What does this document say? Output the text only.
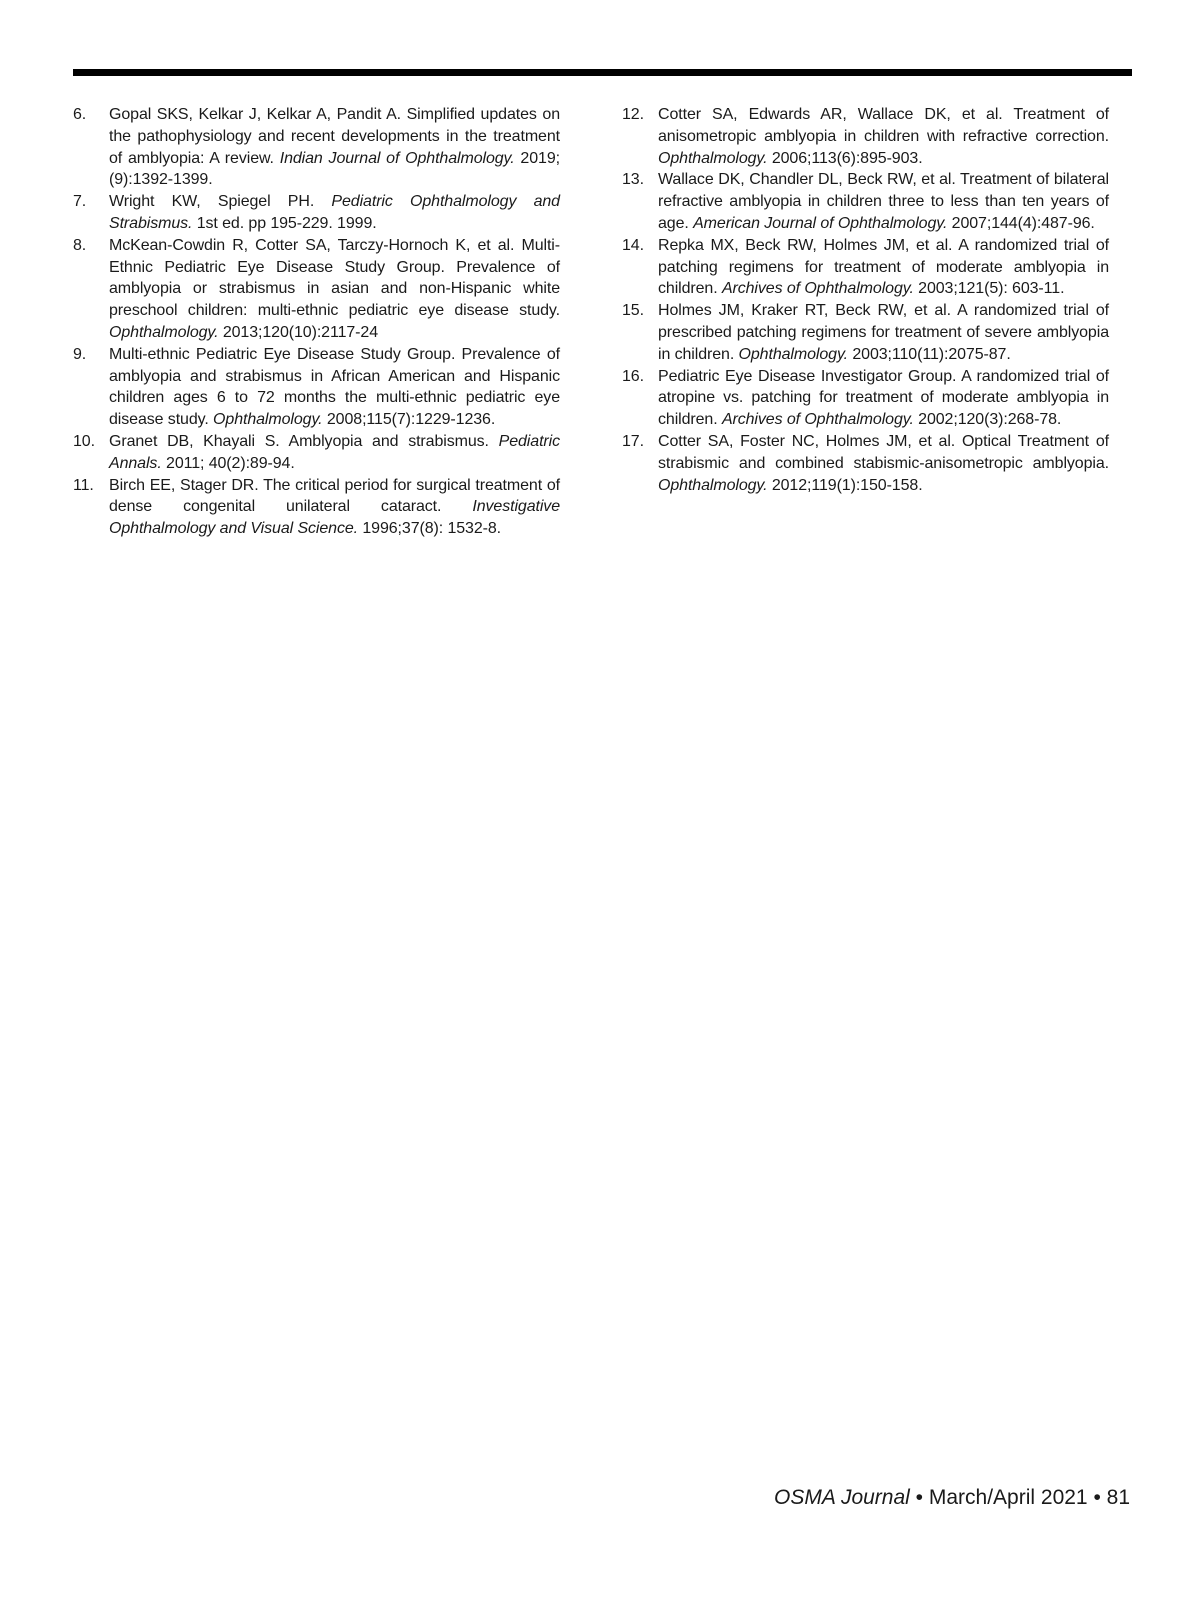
6.	Gopal SKS, Kelkar J, Kelkar A, Pandit A. Simplified updates on the pathophysiology and recent developments in the treatment of amblyopia: A review. Indian Journal of Ophthalmology. 2019;(9):1392-1399.
7.	Wright KW, Spiegel PH. Pediatric Ophthalmology and Strabismus. 1st ed. pp 195-229. 1999.
8.	McKean-Cowdin R, Cotter SA, Tarczy-Hornoch K, et al. Multi-Ethnic Pediatric Eye Disease Study Group. Prevalence of amblyopia or strabismus in asian and non-Hispanic white preschool children: multi-ethnic pediatric eye disease study. Ophthalmology. 2013;120(10):2117-24
9.	Multi-ethnic Pediatric Eye Disease Study Group. Prevalence of amblyopia and strabismus in African American and Hispanic children ages 6 to 72 months the multi-ethnic pediatric eye disease study. Ophthalmology. 2008;115(7):1229-1236.
10. Granet DB, Khayali S. Amblyopia and strabismus. Pediatric Annals. 2011; 40(2):89-94.
11. Birch EE, Stager DR. The critical period for surgical treatment of dense congenital unilateral cataract. Investigative Ophthalmology and Visual Science. 1996;37(8): 1532-8.
12. Cotter SA, Edwards AR, Wallace DK, et al. Treatment of anisometropic amblyopia in children with refractive correction. Ophthalmology. 2006;113(6):895-903.
13. Wallace DK, Chandler DL, Beck RW, et al. Treatment of bilateral refractive amblyopia in children three to less than ten years of age. American Journal of Ophthalmology. 2007;144(4):487-96.
14. Repka MX, Beck RW, Holmes JM, et al. A randomized trial of patching regimens for treatment of moderate amblyopia in children. Archives of Ophthalmology. 2003;121(5): 603-11.
15. Holmes JM, Kraker RT, Beck RW, et al. A randomized trial of prescribed patching regimens for treatment of severe amblyopia in children. Ophthalmology. 2003;110(11):2075-87.
16. Pediatric Eye Disease Investigator Group. A randomized trial of atropine vs. patching for treatment of moderate amblyopia in children. Archives of Ophthalmology. 2002;120(3):268-78.
17. Cotter SA, Foster NC, Holmes JM, et al. Optical Treatment of strabismic and combined stabismic-anisometropic amblyopia. Ophthalmology. 2012;119(1):150-158.
OSMA Journal • March/April 2021 • 81
